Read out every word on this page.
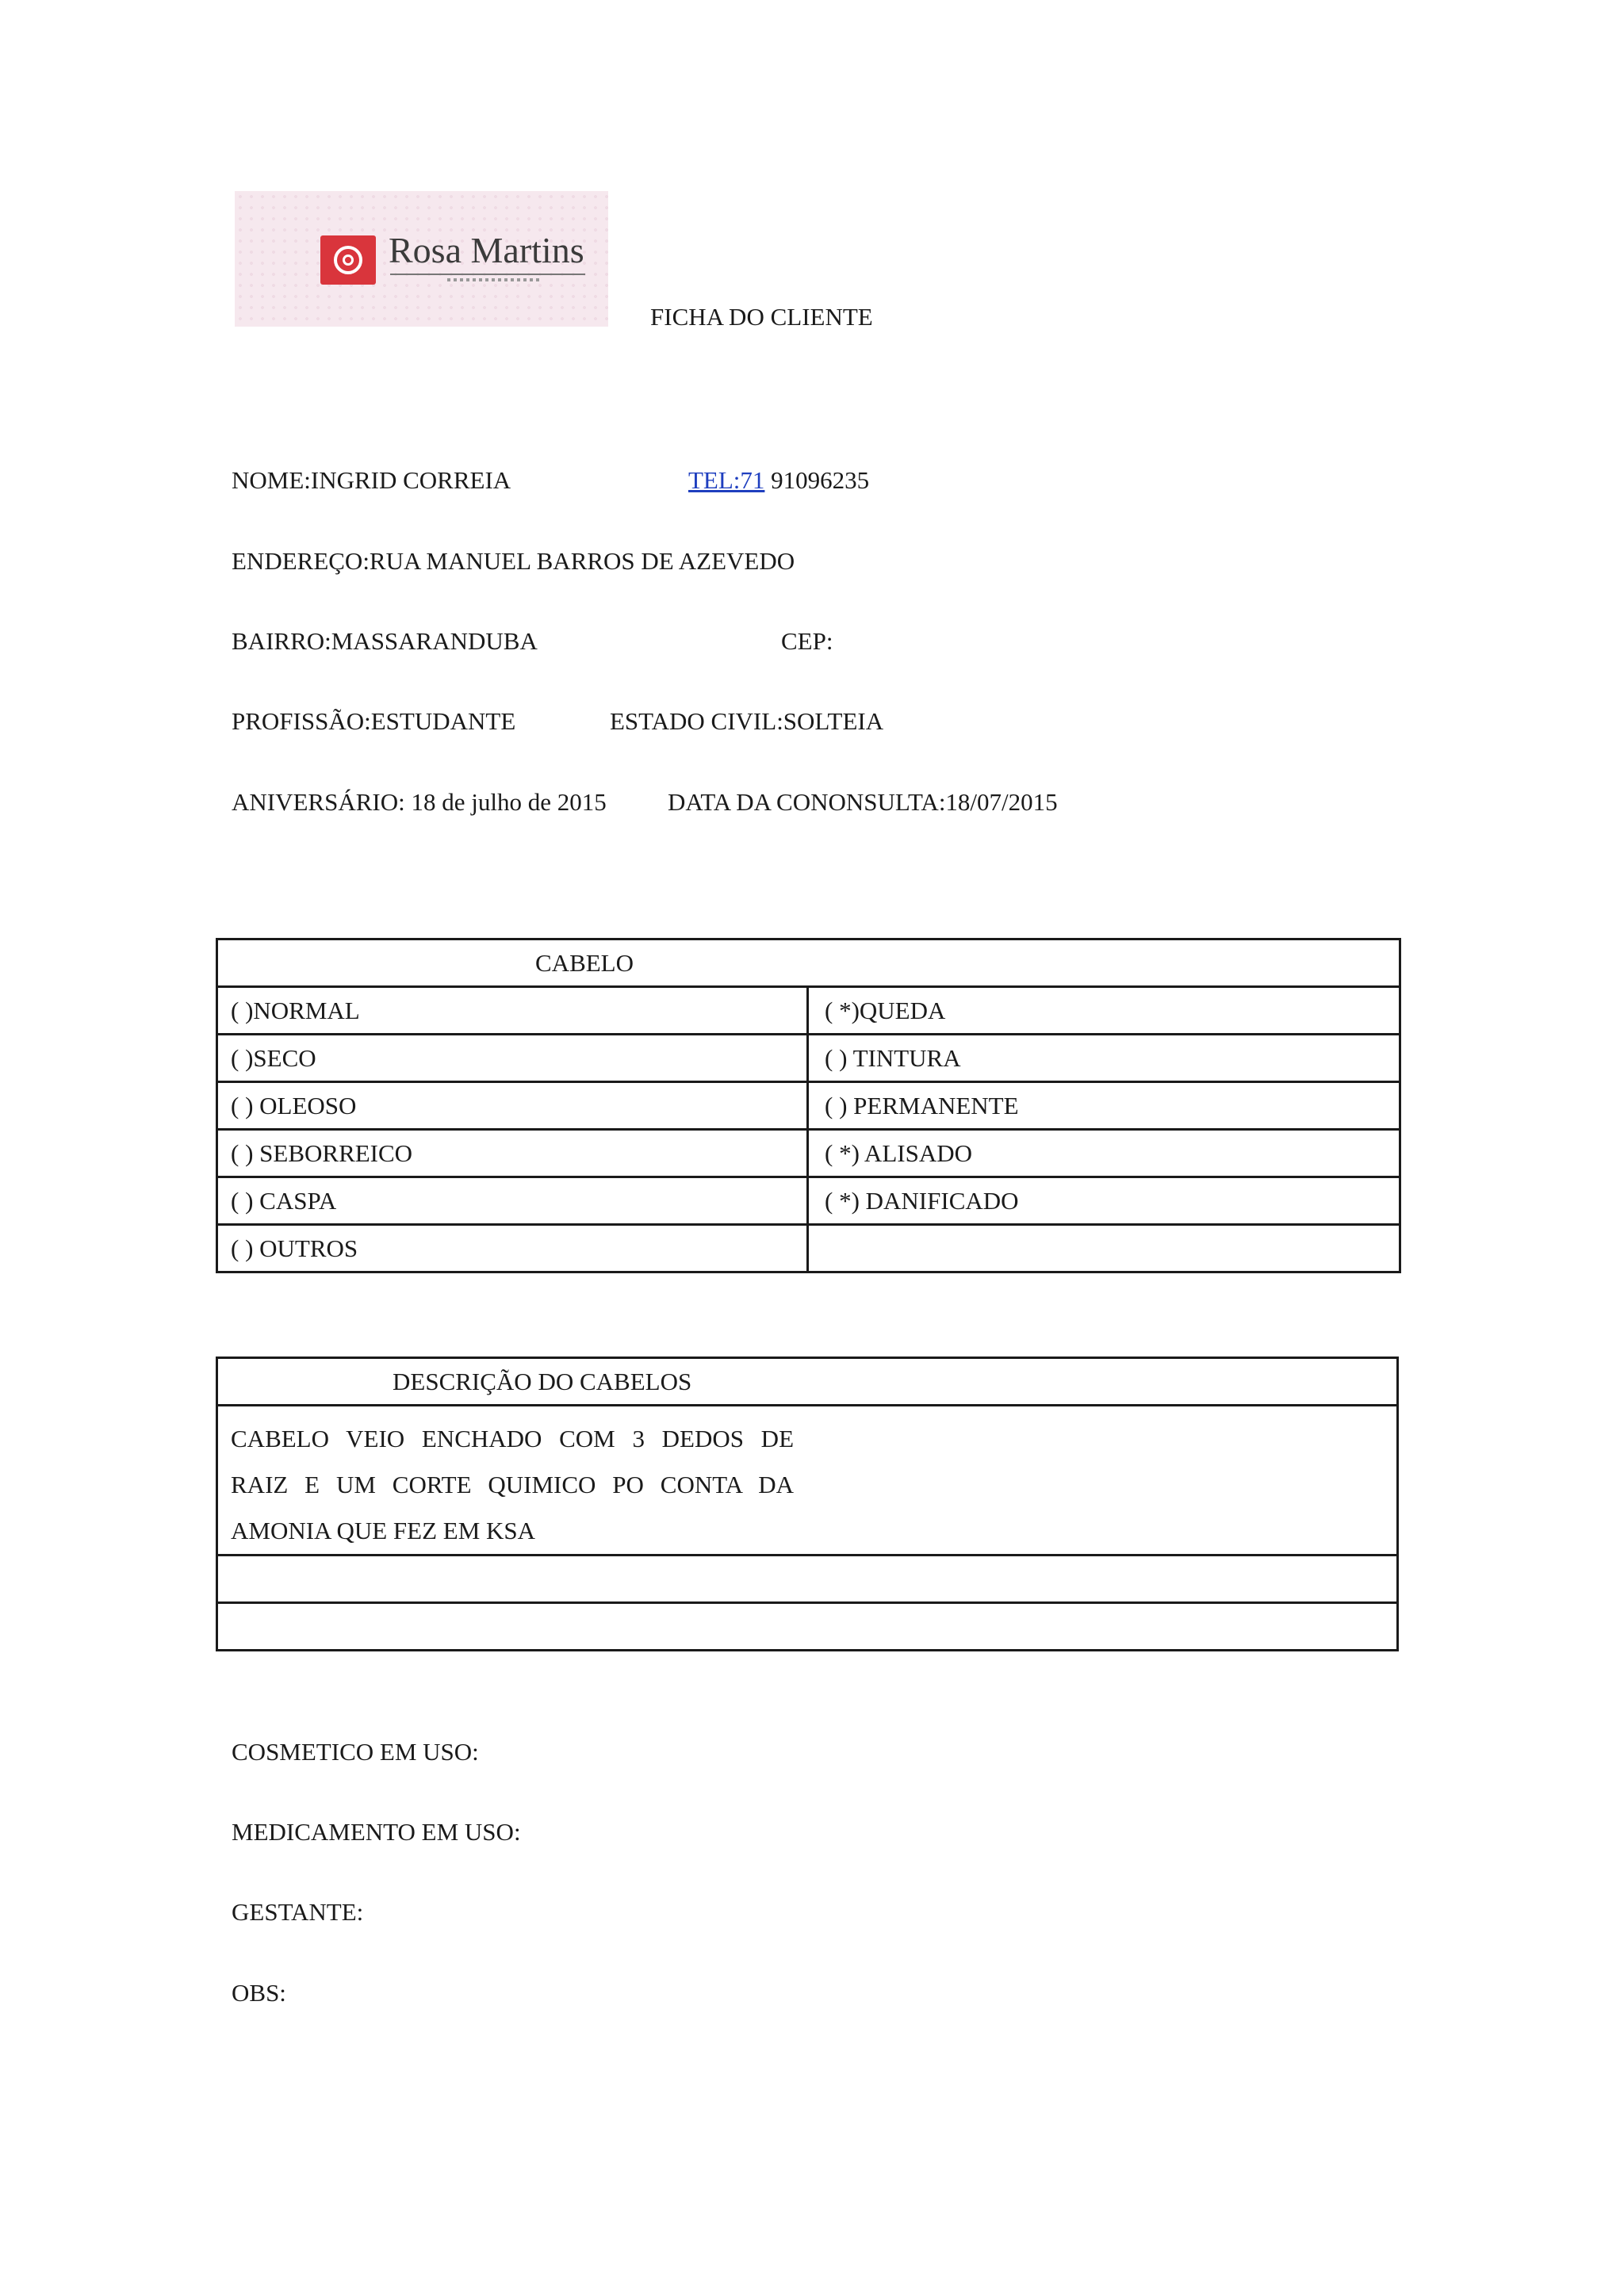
Rosa Martins
FICHA DO CLIENTE
NOME:INGRID CORREIA	TEL:71 91096235
ENDEREÇO:RUA MANUEL BARROS DE AZEVEDO
BAIRRO:MASSARANDUBA	CEP:
PROFISSÃO:ESTUDANTE	ESTADO CIVIL:SOLTEIA
ANIVERSÁRIO: 18 de julho de 2015 DATA DA CONONSULTA:18/07/2015
CABELO	
( )NORMAL	( *)QUEDA
( )SECO	( ) TINTURA
( ) OLEOSO	( ) PERMANENTE
( ) SEBORREICO	( *) ALISADO
( ) CASPA	( *) DANIFICADO
( ) OUTROS	
DESCRIÇÃO DO CABELOS

CABELO VEIO ENCHADO COM 3 DEDOS DE
RAIZ E UM CORTE QUIMICO PO CONTA DA
AMONIA QUE FEZ EM KSA

COSMETICO EM USO:
MEDICAMENTO EM USO:
GESTANTE:
OBS:
